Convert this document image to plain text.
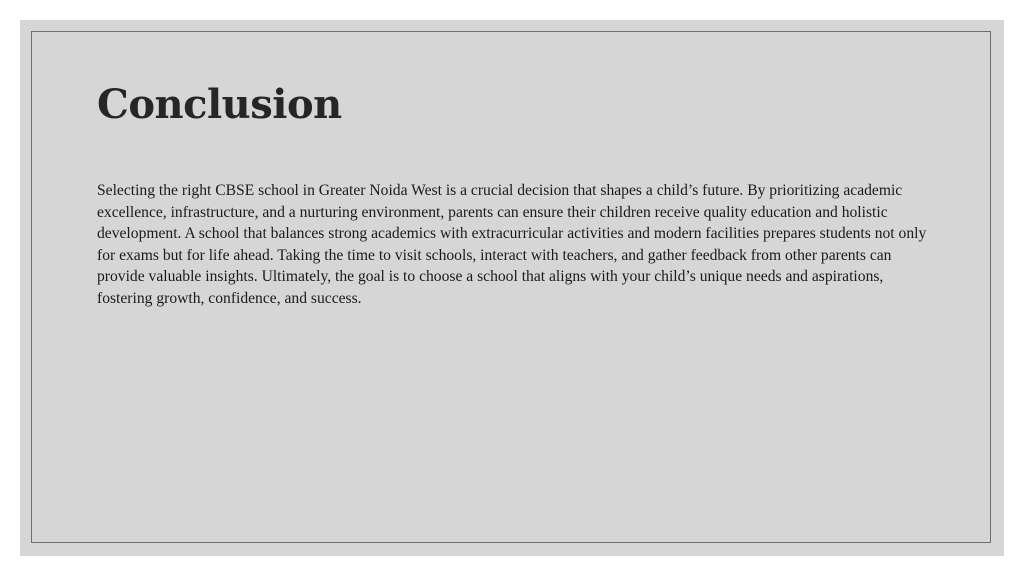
Conclusion

Selecting the right CBSE school in Greater Noida West is a crucial decision that shapes a child’s future. By prioritizing academic excellence, infrastructure, and a nurturing environment, parents can ensure their children receive quality education and holistic development. A school that balances strong academics with extracurricular activities and modern facilities prepares students not only for exams but for life ahead. Taking the time to visit schools, interact with teachers, and gather feedback from other parents can provide valuable insights. Ultimately, the goal is to choose a school that aligns with your child’s unique needs and aspirations, fostering growth, confidence, and success.
